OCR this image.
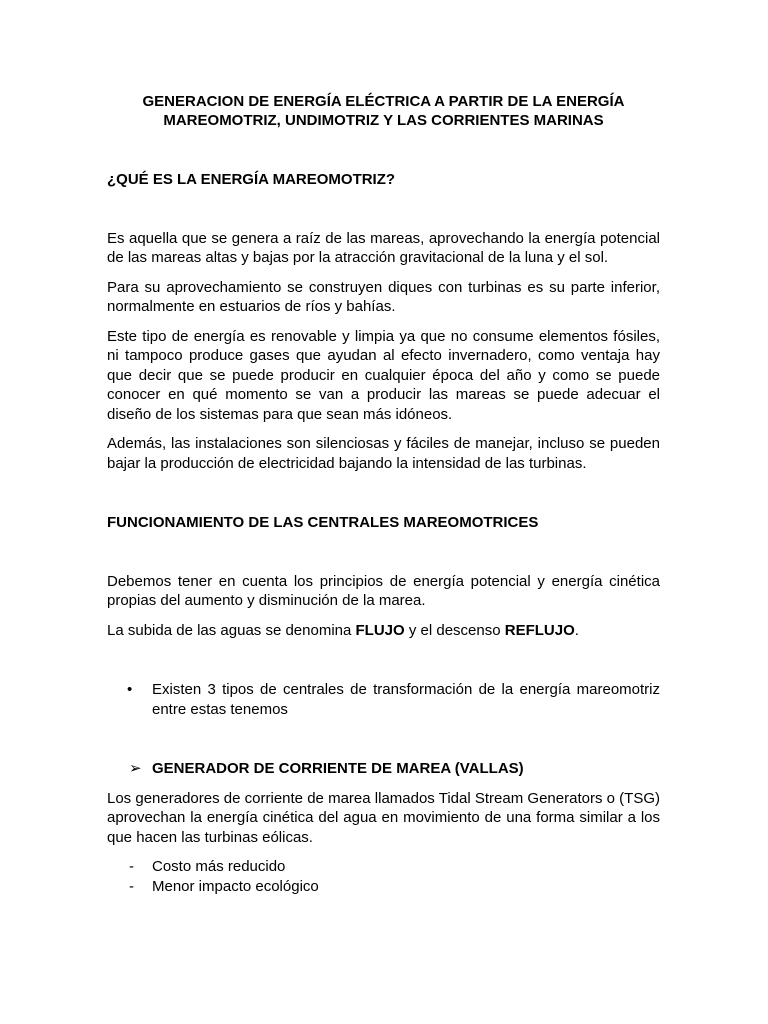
GENERACION DE ENERGÍA ELÉCTRICA A PARTIR DE LA ENERGÍA
MAREOMOTRIZ, UNDIMOTRIZ Y LAS CORRIENTES MARINAS

¿QUÉ ES LA ENERGÍA MAREOMOTRIZ?

Es aquella que se genera a raíz de las mareas, aprovechando la energía potencial de las mareas altas y bajas por la atracción gravitacional de la luna y el sol.

Para su aprovechamiento se construyen diques con turbinas es su parte inferior, normalmente en estuarios de ríos y bahías.

Este tipo de energía es renovable y limpia ya que no consume elementos fósiles, ni tampoco produce gases que ayudan al efecto invernadero, como ventaja hay que decir que se puede producir en cualquier época del año y como se puede conocer en qué momento se van a producir las mareas se puede adecuar el diseño de los sistemas para que sean más idóneos.

Además, las instalaciones son silenciosas y fáciles de manejar, incluso se pueden bajar la producción de electricidad bajando la intensidad de las turbinas.

FUNCIONAMIENTO DE LAS CENTRALES MAREOMOTRICES

Debemos tener en cuenta los principios de energía potencial y energía cinética propias del aumento y disminución de la marea.

La subida de las aguas se denomina FLUJO y el descenso REFLUJO.

•	Existen 3 tipos de centrales de transformación de la energía mareomotriz entre estas tenemos
➢ GENERADOR DE CORRIENTE DE MAREA (VALLAS)

Los generadores de corriente de marea llamados Tidal Stream Generators o (TSG) aprovechan la energía cinética del agua en movimiento de una forma similar a los que hacen las turbinas eólicas.

-	Costo más reducido
-	Menor impacto ecológico
